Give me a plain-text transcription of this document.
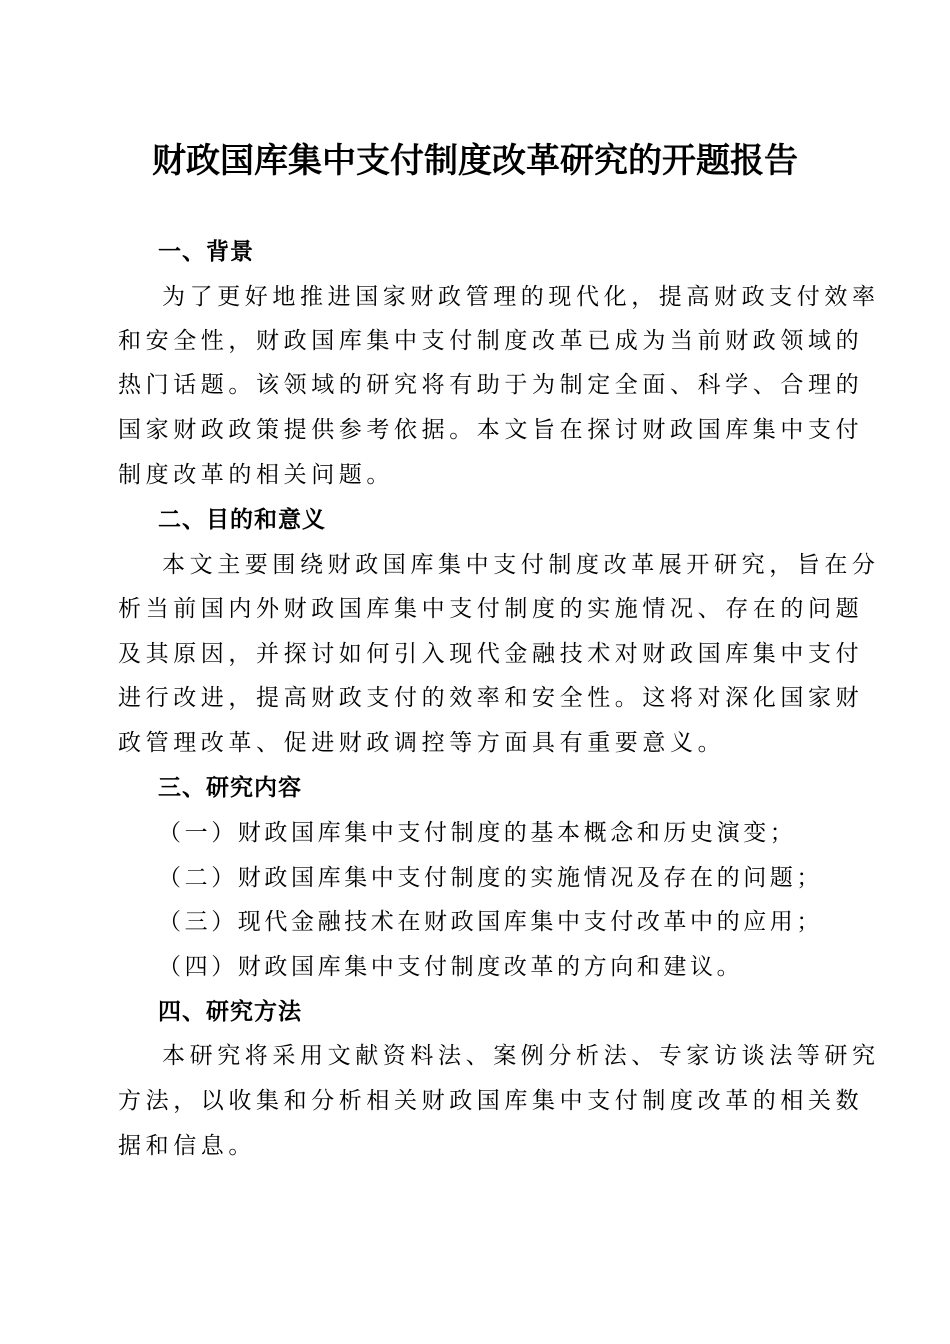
财政国库集中支付制度改革研究的开题报告
一、背景
为了更好地推进国家财政管理的现代化，提高财政支付效率
和安全性，财政国库集中支付制度改革已成为当前财政领域的
热门话题。该领域的研究将有助于为制定全面、科学、合理的
国家财政政策提供参考依据。本文旨在探讨财政国库集中支付
制度改革的相关问题。
二、目的和意义
本文主要围绕财政国库集中支付制度改革展开研究，旨在分
析当前国内外财政国库集中支付制度的实施情况、存在的问题
及其原因，并探讨如何引入现代金融技术对财政国库集中支付
进行改进，提高财政支付的效率和安全性。这将对深化国家财
政管理改革、促进财政调控等方面具有重要意义。
三、研究内容
（一）财政国库集中支付制度的基本概念和历史演变；
（二）财政国库集中支付制度的实施情况及存在的问题；
（三）现代金融技术在财政国库集中支付改革中的应用；
（四）财政国库集中支付制度改革的方向和建议。
四、研究方法
本研究将采用文献资料法、案例分析法、专家访谈法等研究
方法，以收集和分析相关财政国库集中支付制度改革的相关数
据和信息。
